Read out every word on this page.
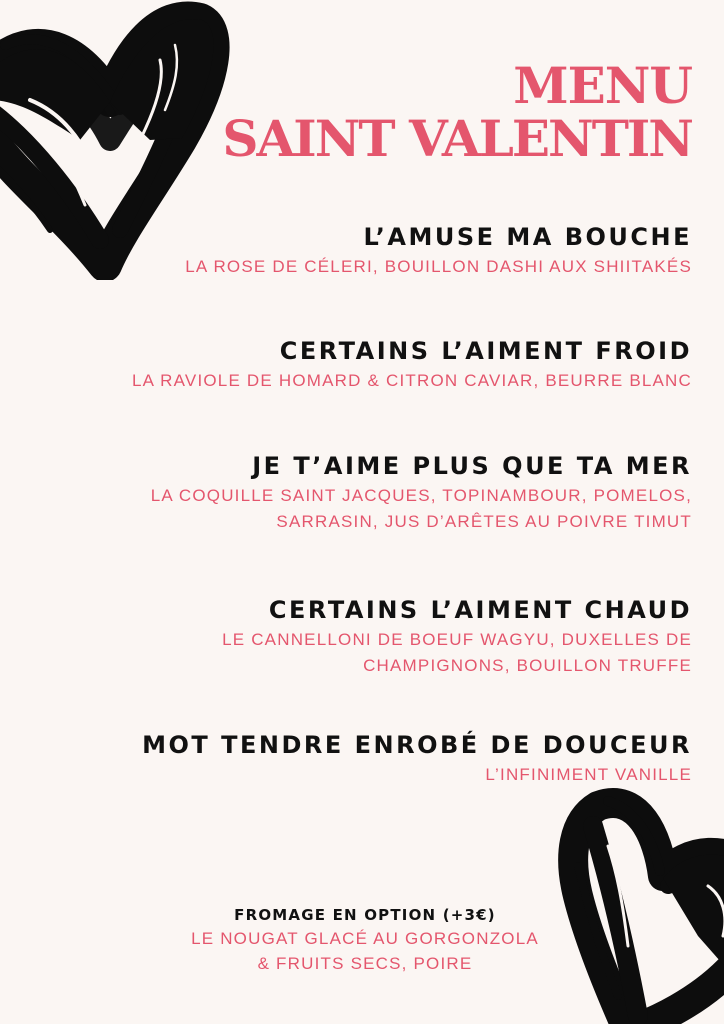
MENU
SAINT VALENTIN
L’AMUSE MA BOUCHE
LA ROSE DE CÉLERI, BOUILLON DASHI AUX SHIITAKÉS
CERTAINS L’AIMENT FROID
LA RAVIOLE DE HOMARD & CITRON CAVIAR, BEURRE BLANC
JE T’AIME PLUS QUE TA MER
LA COQUILLE SAINT JACQUES, TOPINAMBOUR, POMELOS,
SARRASIN, JUS D’ARÊTES AU POIVRE TIMUT
CERTAINS L’AIMENT CHAUD
LE CANNELLONI DE BOEUF WAGYU, DUXELLES DE
CHAMPIGNONS, BOUILLON TRUFFE
MOT TENDRE ENROBÉ DE DOUCEUR
L’INFINIMENT VANILLE
FROMAGE EN OPTION (+3€)
LE NOUGAT GLACÉ AU GORGONZOLA
& FRUITS SECS, POIRE
